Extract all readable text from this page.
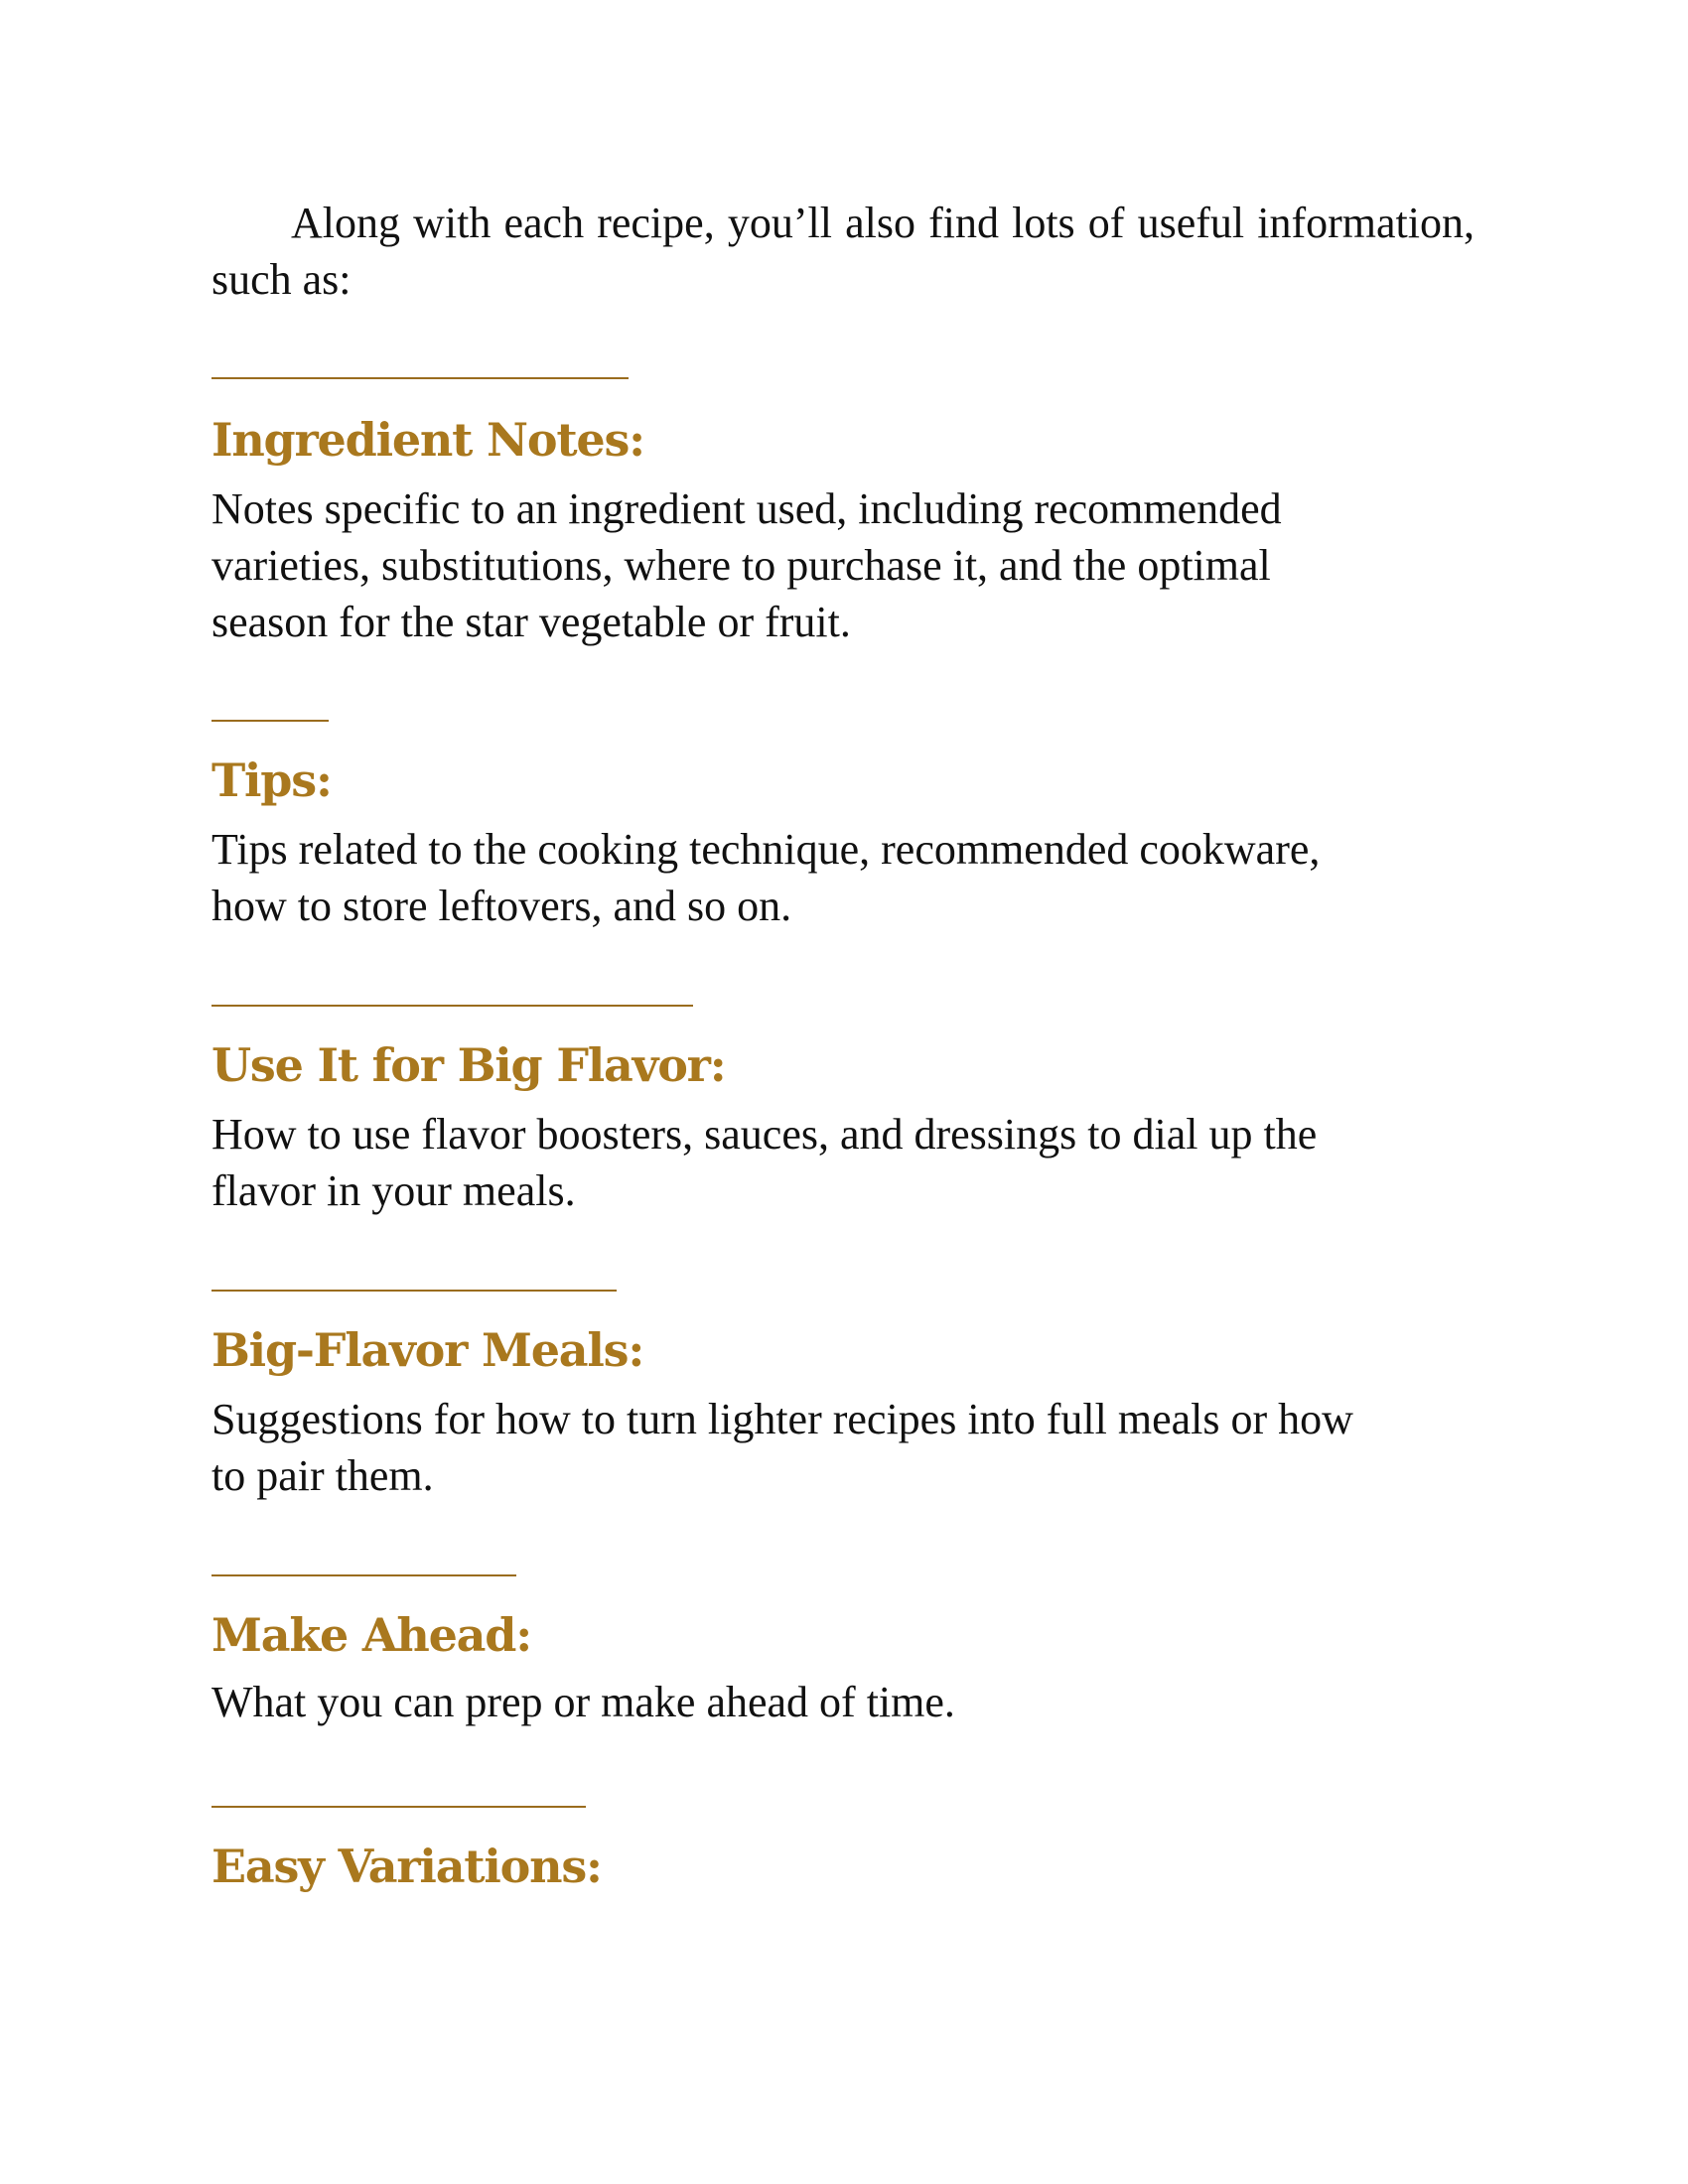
Along with each recipe, you’ll also find lots of useful information, such as:

Ingredient Notes:

Notes specific to an ingredient used, including recommended

varieties, substitutions, where to purchase it, and the optimal

season for the star vegetable or fruit.

Tips:

Tips related to the cooking technique, recommended cookware,

how to store leftovers, and so on.

Use It for Big Flavor:

How to use flavor boosters, sauces, and dressings to dial up the

flavor in your meals.

Big-Flavor Meals:

Suggestions for how to turn lighter recipes into full meals or how

to pair them.

Make Ahead:

What you can prep or make ahead of time.

Easy Variations:
